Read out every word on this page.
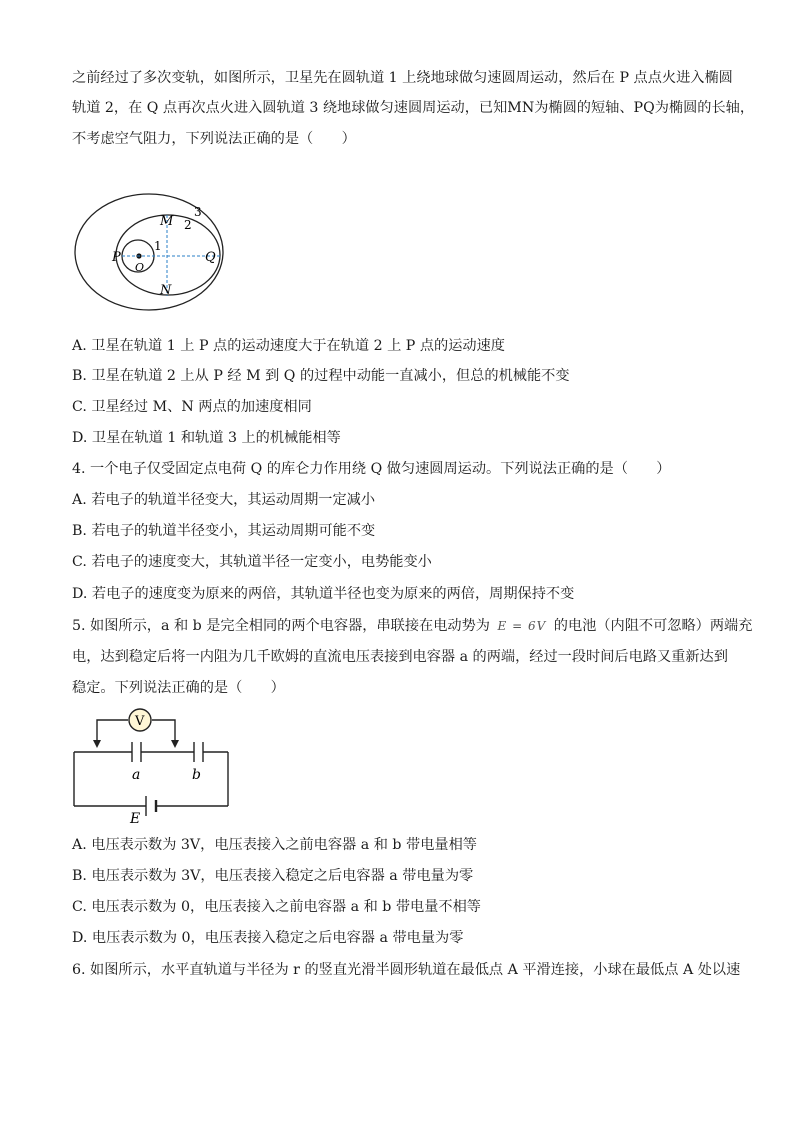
之前经过了多次变轨，如图所示，卫星先在圆轨道 1 上绕地球做匀速圆周运动，然后在 P 点点火进入椭圆
轨道 2，在 Q 点再次点火进入圆轨道 3 绕地球做匀速圆周运动，已知MN为椭圆的短轴、PQ为椭圆的长轴，
不考虑空气阻力，下列说法正确的是（　　）
P
O
Q
M
N
1
2
3
A. 卫星在轨道 1 上 P 点的运动速度大于在轨道 2 上 P 点的运动速度
B. 卫星在轨道 2 上从 P 经 M 到 Q 的过程中动能一直减小，但总的机械能不变
C. 卫星经过 M、N 两点的加速度相同
D. 卫星在轨道 1 和轨道 3 上的机械能相等
4. 一个电子仅受固定点电荷 Q 的库仑力作用绕 Q 做匀速圆周运动。下列说法正确的是（　　）
A. 若电子的轨道半径变大，其运动周期一定减小
B. 若电子的轨道半径变小，其运动周期可能不变
C. 若电子的速度变大，其轨道半径一定变小，电势能变小
D. 若电子的速度变为原来的两倍，其轨道半径也变为原来的两倍，周期保持不变
5. 如图所示，a 和 b 是完全相同的两个电容器，串联接在电动势为 E = 6V 的电池（内阻不可忽略）两端充
电，达到稳定后将一内阻为几千欧姆的直流电压表接到电容器 a 的两端，经过一段时间后电路又重新达到
稳定。下列说法正确的是（　　）
V
a	b
E
A. 电压表示数为 3V，电压表接入之前电容器 a 和 b 带电量相等
B. 电压表示数为 3V，电压表接入稳定之后电容器 a 带电量为零
C. 电压表示数为 0，电压表接入之前电容器 a 和 b 带电量不相等
D. 电压表示数为 0，电压表接入稳定之后电容器 a 带电量为零
6. 如图所示，水平直轨道与半径为 r 的竖直光滑半圆形轨道在最低点 A 平滑连接，小球在最低点 A 处以速
